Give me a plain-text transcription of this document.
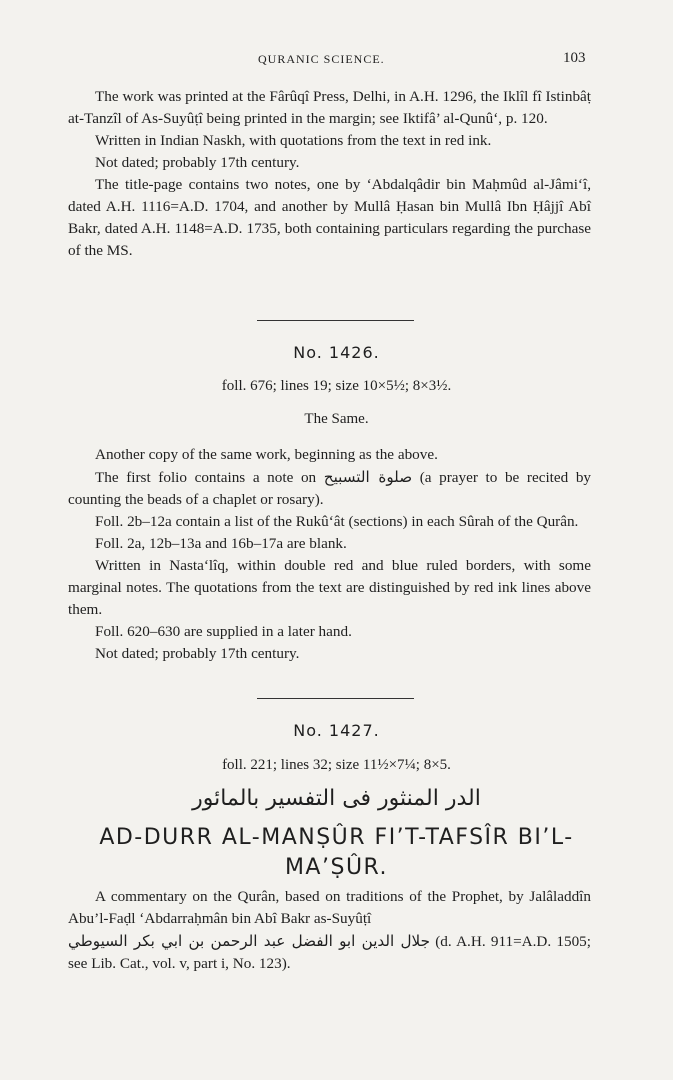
QURANIC SCIENCE.	103

The work was printed at the Fârûqî Press, Delhi, in A.H. 1296, the Iklîl fî Istinbâṭ at-Tanzîl of As-Suyûṭî being printed in the margin; see Iktifâ’ al-Qunû‘, p. 120.

Written in Indian Naskh, with quotations from the text in red ink.

Not dated; probably 17th century.

The title-page contains two notes, one by ‘Abdalqâdir bin Maḥmûd al-Jâmi‘î, dated A.H. 1116=A.D. 1704, and another by Mullâ Ḥasan bin Mullâ Ibn Ḥâjjî Abî Bakr, dated A.H. 1148=A.D. 1735, both containing particulars regarding the purchase of the MS.

No. 1426.
foll. 676; lines 19; size 10×5½; 8×3½.
The Same.

Another copy of the same work, beginning as the above.

The first folio contains a note on صلوة التسبيح (a prayer to be recited by counting the beads of a chaplet or rosary).

Foll. 2b–12a contain a list of the Rukû‘ât (sections) in each Sûrah of the Qurân.

Foll. 2a, 12b–13a and 16b–17a are blank.

Written in Nasta‘lîq, within double red and blue ruled borders, with some marginal notes. The quotations from the text are distinguished by red ink lines above them.

Foll. 620–630 are supplied in a later hand.

Not dated; probably 17th century.

No. 1427.
foll. 221; lines 32; size 11½×7¼; 8×5.
الدر المنثور فى التفسير بالمائور
AD-DURR AL-MANṢÛR FI’T-TAFSÎR BI’L-MA’ṢÛR.

A commentary on the Qurân, based on traditions of the Prophet, by Jalâladdîn Abu’l-Faḍl ‘Abdarraḥmân bin Abî Bakr as-Suyûṭî

جلال الدين ابو الفضل عبد الرحمن بن ابي بكر السيوطي (d. A.H. 911=A.D. 1505; see Lib. Cat., vol. v, part i, No. 123).
